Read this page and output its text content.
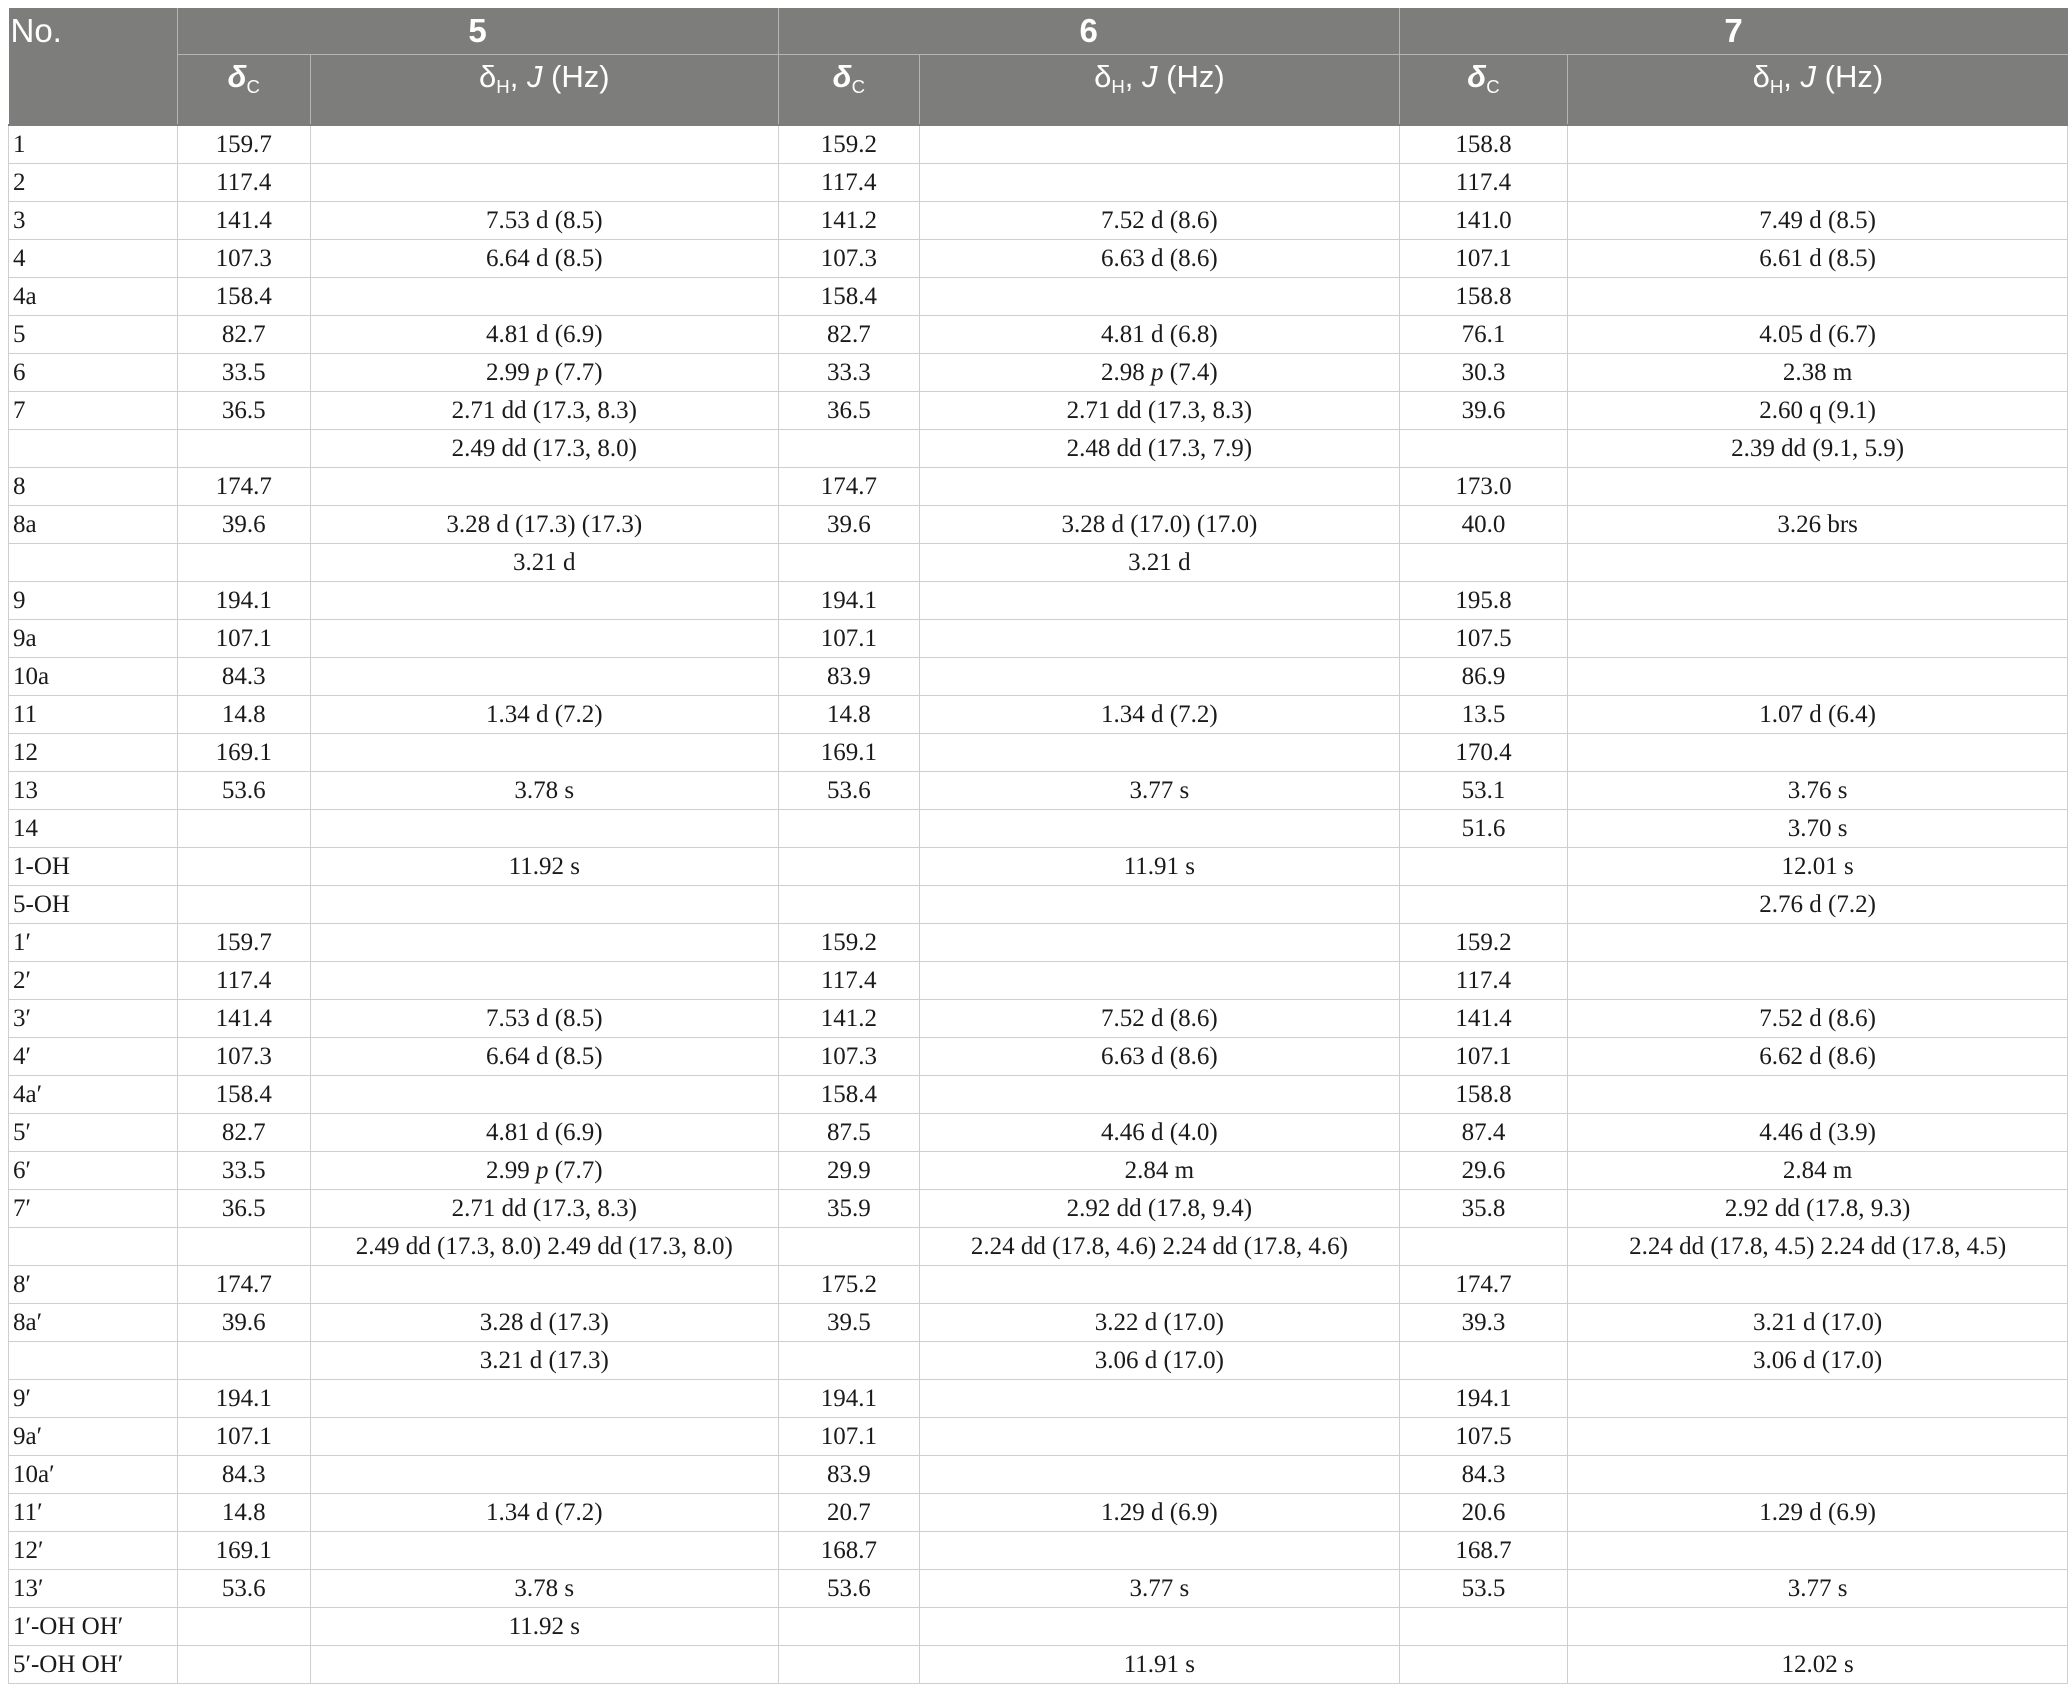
No.	5		6		7	
	$\delta_C$	$\delta_H$, J (Hz)	$\delta_C$	$\delta_H$, J (Hz)	$\delta_C$	$\delta_H$, J (Hz)
1	159.7		159.2		158.8	
2	117.4		117.4		117.4	
3	141.4	7.53 d (8.5)	141.2	7.52 d (8.6)	141.0	7.49 d (8.5)
4	107.3	6.64 d (8.5)	107.3	6.63 d (8.6)	107.1	6.61 d (8.5)
4a	158.4		158.4		158.8	
5	82.7	4.81 d (6.9)	82.7	4.81 d (6.8)	76.1	4.05 d (6.7)
6	33.5	2.99 p (7.7)	33.3	2.98 p (7.4)	30.3	2.38 m
7	36.5	2.71 dd (17.3, 8.3)	36.5	2.71 dd (17.3, 8.3)	39.6	2.60 q (9.1)
		2.49 dd (17.3, 8.0)		2.48 dd (17.3, 7.9)		2.39 dd (9.1, 5.9)
8	174.7		174.7		173.0	
8a	39.6	3.28 d (17.3) (17.3)	39.6	3.28 d (17.0) (17.0)	40.0	3.26 brs
		3.21 d		3.21 d		
9	194.1		194.1		195.8	
9a	107.1		107.1		107.5	
10a	84.3		83.9		86.9	
11	14.8	1.34 d (7.2)	14.8	1.34 d (7.2)	13.5	1.07 d (6.4)
12	169.1		169.1		170.4	
13	53.6	3.78 s	53.6	3.77 s	53.1	3.76 s
14					51.6	3.70 s
1-OH		11.92 s		11.91 s		12.01 s
5-OH						2.76 d (7.2)
1′	159.7		159.2		159.2	
2′	117.4		117.4		117.4	
3′	141.4	7.53 d (8.5)	141.2	7.52 d (8.6)	141.4	7.52 d (8.6)
4′	107.3	6.64 d (8.5)	107.3	6.63 d (8.6)	107.1	6.62 d (8.6)
4a′	158.4		158.4		158.8	
5′	82.7	4.81 d (6.9)	87.5	4.46 d (4.0)	87.4	4.46 d (3.9)
6′	33.5	2.99 p (7.7)	29.9	2.84 m	29.6	2.84 m
7′	36.5	2.71 dd (17.3, 8.3)	35.9	2.92 dd (17.8, 9.4)	35.8	2.92 dd (17.8, 9.3)
		2.49 dd (17.3, 8.0) 2.49 dd (17.3, 8.0)		2.24 dd (17.8, 4.6) 2.24 dd (17.8, 4.6)		2.24 dd (17.8, 4.5) 2.24 dd (17.8, 4.5)
8′	174.7		175.2		174.7	
8a′	39.6	3.28 d (17.3)	39.5	3.22 d (17.0)	39.3	3.21 d (17.0)
		3.21 d (17.3)		3.06 d (17.0)		3.06 d (17.0)
9′	194.1		194.1		194.1	
9a′	107.1		107.1		107.5	
10a′	84.3		83.9		84.3	
11′	14.8	1.34 d (7.2)	20.7	1.29 d (6.9)	20.6	1.29 d (6.9)
12′	169.1		168.7		168.7	
13′	53.6	3.78 s	53.6	3.77 s	53.5	3.77 s
1′-OH OH′		11.92 s				
5′-OH OH′				11.91 s		12.02 s
